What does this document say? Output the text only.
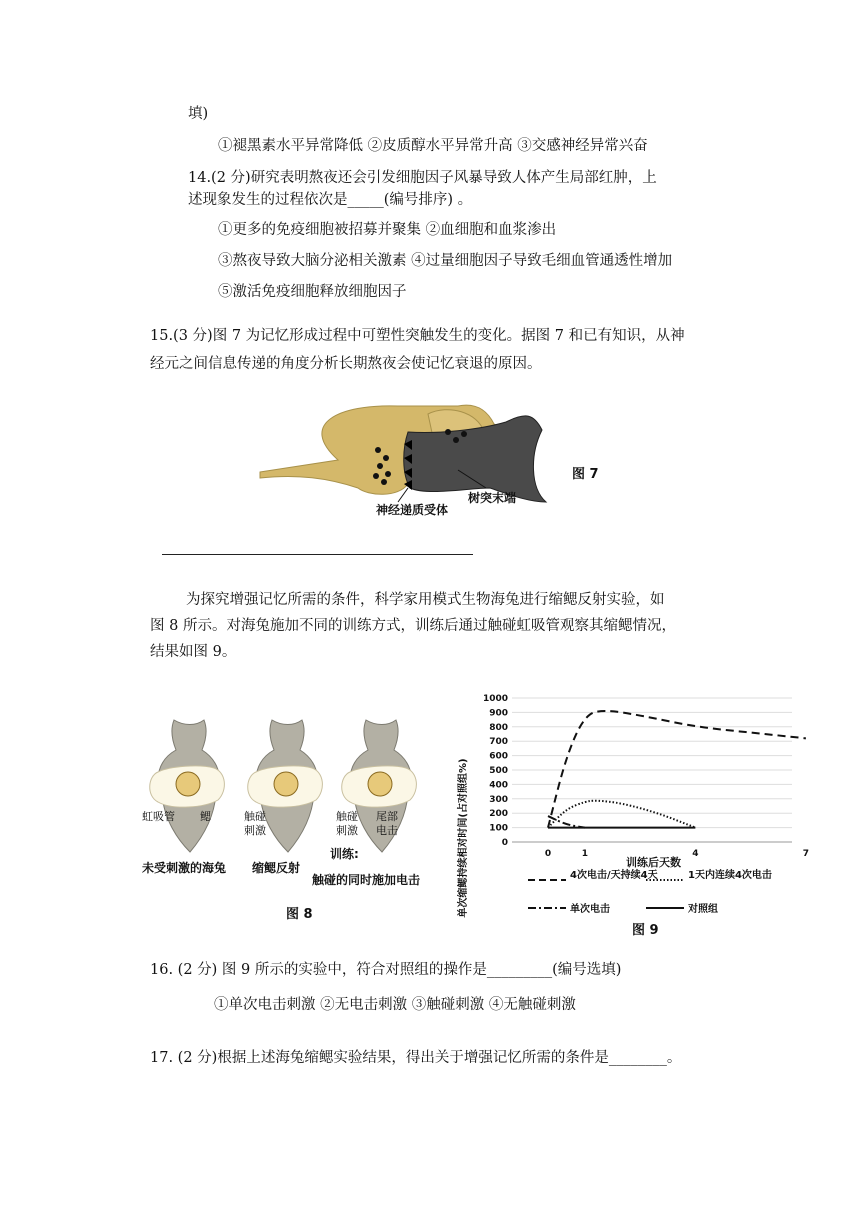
填)
①褪黑素水平异常降低 ②皮质醇水平异常升高 ③交感神经异常兴奋
14.(2 分)研究表明熬夜还会引发细胞因子风暴导致人体产生局部红肿，上
述现象发生的过程依次是_____(编号排序) 。
①更多的免疫细胞被招募并聚集 ②血细胞和血浆渗出
③熬夜导致大脑分泌相关激素 ④过量细胞因子导致毛细血管通透性增加
⑤激活免疫细胞释放细胞因子
15.(3 分)图 7 为记忆形成过程中可塑性突触发生的变化。据图 7 和已有知识，从神
经元之间信息传递的角度分析长期熬夜会使记忆衰退的原因。
神经递质受体
树突末端
图 7
为探究增强记忆所需的条件，科学家用模式生物海兔进行缩鳃反射实验，如
图 8 所示。对海兔施加不同的训练方式，训练后通过触碰虹吸管观察其缩鳃情况，
结果如图 9。
虹吸管 鳃	触碰
刺激
触碰
刺激
尾部
电击
未受刺激的海兔 缩鳃反射
训练:
触碰的同时施加电击
图 8
0
100
200
300
400
500
600
700
800
900
1000
0	1	4	7
单次缩鳃持续相对时间(占对照组%)	训练后天数
4次电击/天持续4天	1天内连续4次电击
单次电击	对照组
图 9
16. (2 分) 图 9 所示的实验中，符合对照组的操作是_________(编号选填)
①单次电击刺激 ②无电击刺激 ③触碰刺激 ④无触碰刺激
17. (2 分)根据上述海兔缩鳃实验结果，得出关于增强记忆所需的条件是________。
